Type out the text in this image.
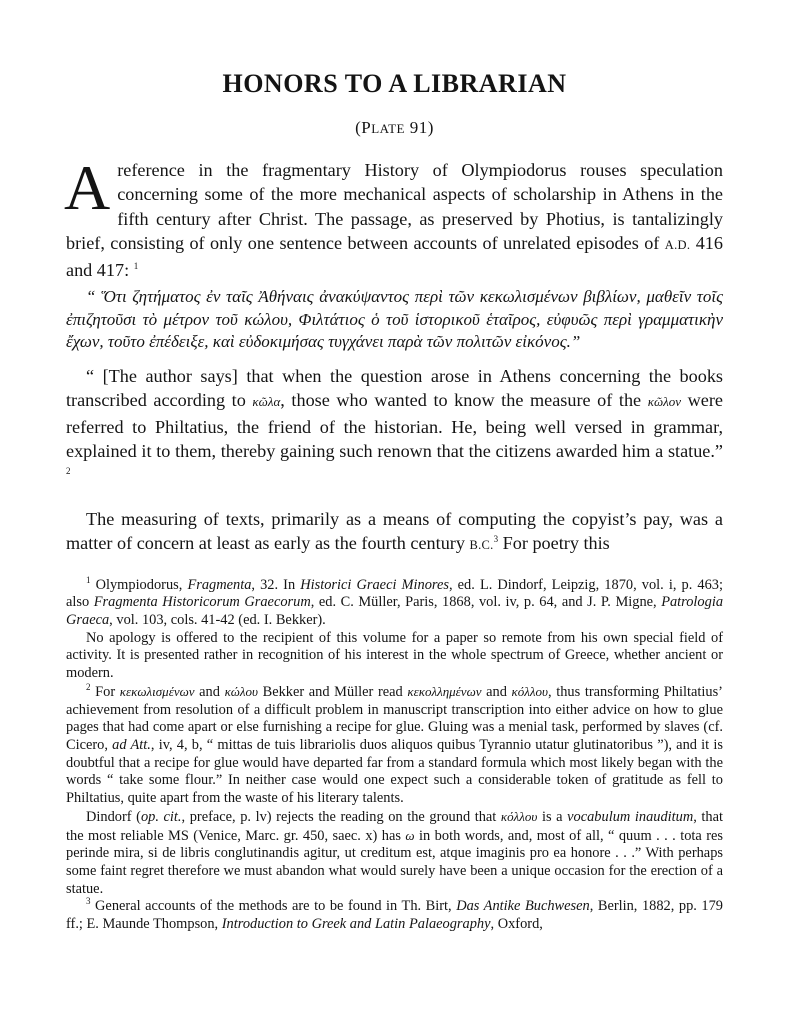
HONORS TO A LIBRARIAN
(PLATE 91)

A reference in the fragmentary History of Olympiodorus rouses speculation concerning some of the more mechanical aspects of scholarship in Athens in the fifth century after Christ. The passage, as preserved by Photius, is tantalizingly brief, consisting of only one sentence between accounts of unrelated episodes of A.D. 416 and 417: $^1$

“ Ὅτι ζητήματος ἐν ταῖς Ἀθήναις ἀνακύψαντος περὶ τῶν κεκωλισμένων βιβλίων, μαθεῖν τοῖς ἐπιζητοῦσι τὸ μέτρον τοῦ κώλου, Φιλτάτιος ὁ τοῦ ἱστορικοῦ ἑταῖρος, εὐφυῶς περὶ γραμματικὴν ἔχων, τοῦτο ἐπέδειξε, καὶ εὐδοκιμήσας τυγχάνει παρὰ τῶν πολιτῶν εἰκόνος.”

“ [The author says] that when the question arose in Athens concerning the books transcribed according to κῶλα, those who wanted to know the measure of the κῶλον were referred to Philtatius, the friend of the historian. He, being well versed in grammar, explained it to them, thereby gaining such renown that the citizens awarded him a statue.” $^2$

The measuring of texts, primarily as a means of computing the copyist’s pay, was a matter of concern at least as early as the fourth century B.C.$^3$ For poetry this

$^1$ Olympiodorus, Fragmenta, 32. In Historici Graeci Minores, ed. L. Dindorf, Leipzig, 1870, vol. i, p. 463; also Fragmenta Historicorum Graecorum, ed. C. Müller, Paris, 1868, vol. iv, p. 64, and J. P. Migne, Patrologia Graeca, vol. 103, cols. 41-42 (ed. I. Bekker).

No apology is offered to the recipient of this volume for a paper so remote from his own special field of activity. It is presented rather in recognition of his interest in the whole spectrum of Greece, whether ancient or modern.

$^2$ For κεκωλισμένων and κώλου Bekker and Müller read κεκολλημένων and κόλλου, thus transforming Philtatius’ achievement from resolution of a difficult problem in manuscript transcription into either advice on how to glue pages that had come apart or else furnishing a recipe for glue. Gluing was a menial task, performed by slaves (cf. Cicero, ad Att., iv, 4, b, “ mittas de tuis librariolis duos aliquos quibus Tyrannio utatur glutinatoribus ”), and it is doubtful that a recipe for glue would have departed far from a standard formula which most likely began with the words “ take some flour.” In neither case would one expect such a considerable token of gratitude as fell to Philtatius, quite apart from the waste of his literary talents.

Dindorf (op. cit., preface, p. lv) rejects the reading on the ground that κόλλου is a vocabulum inauditum, that the most reliable MS (Venice, Marc. gr. 450, saec. x) has ω in both words, and, most of all, “ quum . . . tota res perinde mira, si de libris conglutinandis agitur, ut creditum est, atque imaginis pro ea honore . . .” With perhaps some faint regret therefore we must abandon what would surely have been a unique occasion for the erection of a statue.

$^3$ General accounts of the methods are to be found in Th. Birt, Das Antike Buchwesen, Berlin, 1882, pp. 179 ff.; E. Maunde Thompson, Introduction to Greek and Latin Palaeography, Oxford,
